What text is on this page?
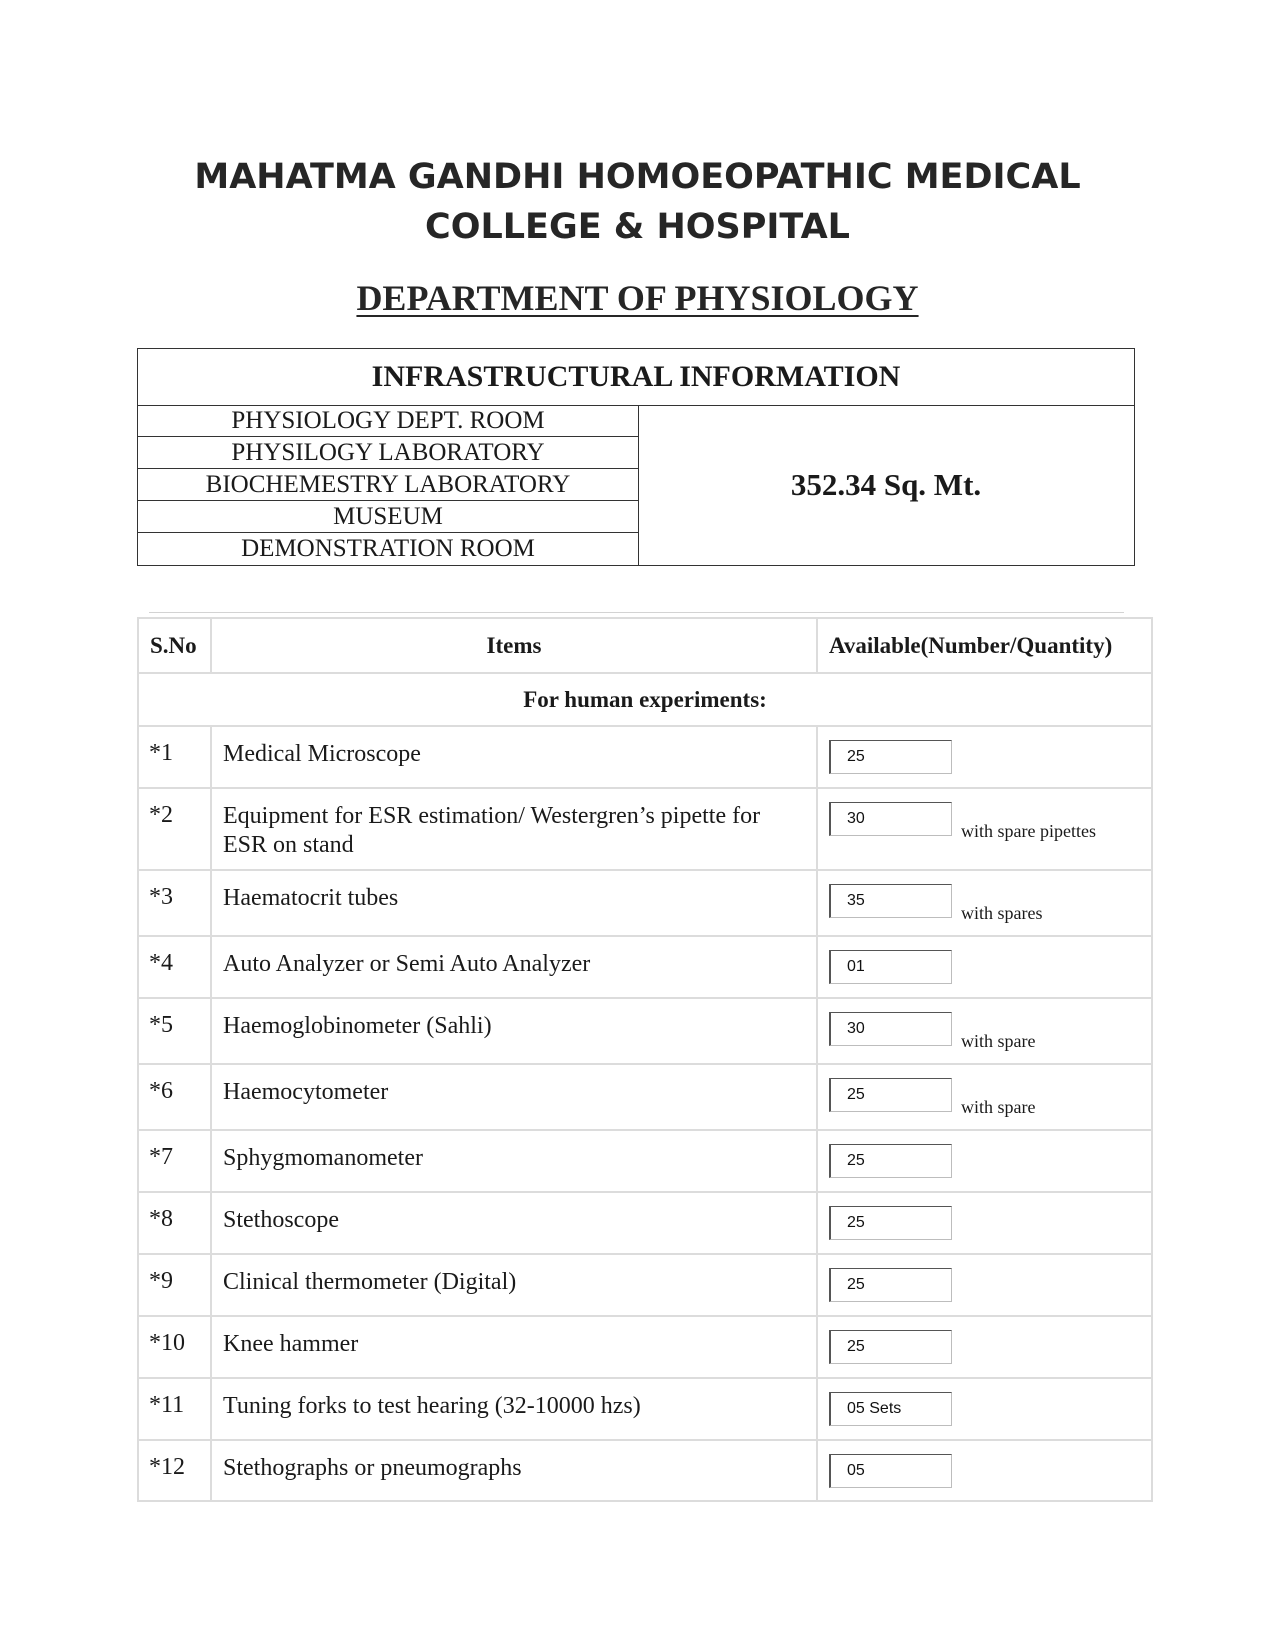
MAHATMA GANDHI HOMOEOPATHIC MEDICAL
COLLEGE & HOSPITAL
DEPARTMENT OF PHYSIOLOGY
INFRASTRUCTURAL INFORMATION
PHYSIOLOGY DEPT. ROOM
PHYSILOGY LABORATORY
BIOCHEMESTRY LABORATORY
MUSEUM
DEMONSTRATION ROOM
352.34 Sq. Mt.
S.No	Items	Available(Number/Quantity)
For human experiments:		
*1	Medical Microscope	25

*2	Equipment for ESR estimation/ Westergren’s pipette for ESR on stand	30
with spare pipettes

*3	Haematocrit tubes	35
with spares

*4	Auto Analyzer or Semi Auto Analyzer	01

*5	Haemoglobinometer (Sahli)	30
with spare

*6	Haemocytometer	25
with spare

*7	Sphygmomanometer	25

*8	Stethoscope	25

*9	Clinical thermometer (Digital)	25

*10	Knee hammer	25

*11	Tuning forks to test hearing (32-10000 hzs)	05 Sets

*12	Stethographs or pneumographs	05
